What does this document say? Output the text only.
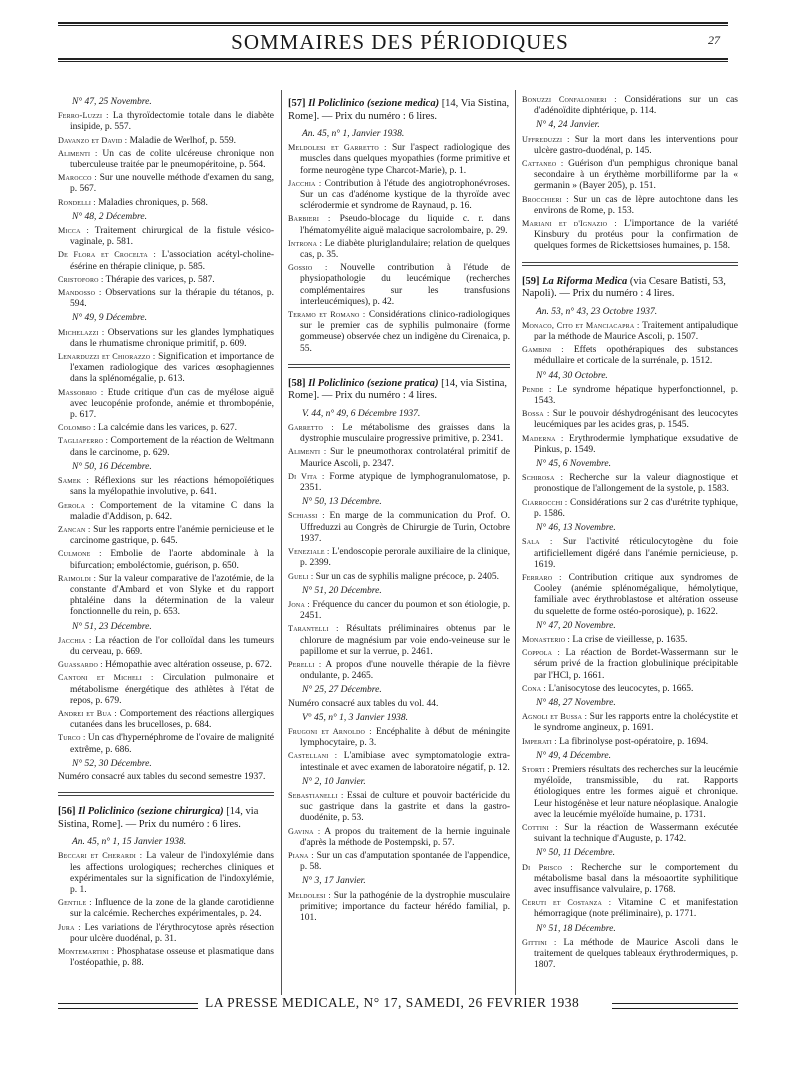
SOMMAIRES DES PÉRIODIQUES	27

N° 47, 25 Novembre.

Ferro-Luzzi : La thyroïdectomie totale dans le diabète insipide, p. 557.

Davanzo et David : Maladie de Werlhof, p. 559.

Alimenti : Un cas de colite ulcéreuse chronique non tuberculeuse traitée par le pneumopéritoine, p. 564.

Marocco : Sur une nouvelle méthode d'examen du sang, p. 567.

Rondelli : Maladies chroniques, p. 568.

N° 48, 2 Décembre.

Micca : Traitement chirurgical de la fistule vésico-vaginale, p. 581.

De Flora et Crocelta : L'association acétyl-choline-ésérine en thérapie clinique, p. 585.

Cristoforo : Thérapie des varices, p. 587.

Mandosso : Observations sur la thérapie du tétanos, p. 594.

N° 49, 9 Décembre.

Michelazzi : Observations sur les glandes lymphatiques dans le rhumatisme chronique primitif, p. 609.

Lenarduzzi et Chiorazzo : Signification et importance de l'examen radiologique des varices œsophagiennes dans la splénomégalie, p. 613.

Massobrio : Etude critique d'un cas de myélose aiguë avec leucopénie profonde, anémie et thrombopénie, p. 617.

Colombo : La calcémie dans les varices, p. 627.

Tagliaferro : Comportement de la réaction de Weltmann dans le carcinome, p. 629.

N° 50, 16 Décembre.

Samek : Réflexions sur les réactions hémopoïétiques sans la myélopathie involutive, p. 641.

Gerola : Comportement de la vitamine C dans la maladie d'Addison, p. 642.

Zancan : Sur les rapports entre l'anémie pernicieuse et le carcinome gastrique, p. 645.

Culmone : Embolie de l'aorte abdominale à la bifurcation; emboléctomie, guérison, p. 650.

Raimoldi : Sur la valeur comparative de l'azotémie, de la constante d'Ambard et von Slyke et du rapport phtaléine dans la détermination de la valeur fonctionnelle du rein, p. 653.

N° 51, 23 Décembre.

Jacchia : La réaction de l'or colloïdal dans les tumeurs du cerveau, p. 669.

Guassardo : Hémopathie avec altération osseuse, p. 672.

Cantoni et Micheli : Circulation pulmonaire et métabolisme énergétique des athlètes à l'état de repos, p. 679.

Andrei et Bua : Comportement des réactions allergiques cutanées dans les brucelloses, p. 684.

Turco : Un cas d'hypernéphrome de l'ovaire de malignité extrême, p. 686.

N° 52, 30 Décembre.

Numéro consacré aux tables du second semestre 1937.

[56] Il Policlinico (sezione chirurgica) [14, via Sistina, Rome]. — Prix du numéro : 6 lires.

An. 45, n° 1, 15 Janvier 1938.

Beccari et Cherardi : La valeur de l'indoxylémie dans les affections urologiques; recherches cliniques et expérimentales sur la signification de l'indoxylémie, p. 1.

Gentile : Influence de la zone de la glande carotidienne sur la calcémie. Recherches expérimentales, p. 24.

Jura : Les variations de l'érythrocytose après résection pour ulcère duodénal, p. 31.

Montemartini : Phosphatase osseuse et plasmatique dans l'ostéopathie, p. 88.

[57] Il Policlinico (sezione medica) [14, Via Sistina, Rome]. — Prix du numéro : 6 lires.

An. 45, n° 1, Janvier 1938.

Meldolesi et Garretto : Sur l'aspect radiologique des muscles dans quelques myopathies (forme primitive et forme neurogène type Charcot-Marie), p. 1.

Jacchia : Contribution à l'étude des angiotrophonévroses. Sur un cas d'adénome kystique de la thyroïde avec sclérodermie et syndrome de Raynaud, p. 16.

Barbieri : Pseudo-blocage du liquide c. r. dans l'hématomyélite aiguë malacique sacrolombaire, p. 29.

Introna : Le diabète pluriglandulaire; relation de quelques cas, p. 35.

Gossio : Nouvelle contribution à l'étude de physiopathologie du leucémique (recherches complémentaires sur les transfusions interleucémiques), p. 42.

Teramo et Romano : Considérations clinico-radiologiques sur le premier cas de syphilis pulmonaire (forme gommeuse) observée chez un indigène du Cirenaica, p. 55.

[58] Il Policlinico (sezione pratica) [14, via Sistina, Rome]. — Prix du numéro : 4 lires.

V. 44, n° 49, 6 Décembre 1937.

Garretto : Le métabolisme des graisses dans la dystrophie musculaire progressive primitive, p. 2341.

Alimenti : Sur le pneumothorax controlatéral primitif de Maurice Ascoli, p. 2347.

Di Vita : Forme atypique de lymphogranulomatose, p. 2351.

N° 50, 13 Décembre.

Schiassi : En marge de la communication du Prof. O. Uffreduzzi au Congrès de Chirurgie de Turin, Octobre 1937.

Veneziale : L'endoscopie perorale auxiliaire de la clinique, p. 2399.

Gueli : Sur un cas de syphilis maligne précoce, p. 2405.

N° 51, 20 Décembre.

Jona : Fréquence du cancer du poumon et son étiologie, p. 2451.

Tarantelli : Résultats préliminaires obtenus par le chlorure de magnésium par voie endo-veineuse sur le papillome et sur la verrue, p. 2461.

Perelli : A propos d'une nouvelle thérapie de la fièvre ondulante, p. 2465.

N° 25, 27 Décembre.

Numéro consacré aux tables du vol. 44.

V° 45, n° 1, 3 Janvier 1938.

Frugoni et Arnoldo : Encéphalite à début de méningite lymphocytaire, p. 3.

Castellani : L'amibiase avec symptomatologie extra-intestinale et avec examen de laboratoire négatif, p. 12.

N° 2, 10 Janvier.

Sebastianelli : Essai de culture et pouvoir bactéricide du suc gastrique dans la gastrite et dans la gastro-duodénite, p. 53.

Gavina : A propos du traitement de la hernie inguinale d'après la méthode de Postempski, p. 57.

Piana : Sur un cas d'amputation spontanée de l'appendice, p. 58.

N° 3, 17 Janvier.

Meldolesi : Sur la pathogénie de la dystrophie musculaire primitive; importance du facteur hérédo familial, p. 101.

Bonuzzi Confalonieri : Considérations sur un cas d'adénoïdite diphtérique, p. 114.

N° 4, 24 Janvier.

Uffreduzzi : Sur la mort dans les interventions pour ulcère gastro-duodénal, p. 145.

Cattaneo : Guérison d'un pemphigus chronique banal secondaire à un érythème morbilliforme par la « germanin » (Bayer 205), p. 151.

Brocchieri : Sur un cas de lèpre autochtone dans les environs de Rome, p. 153.

Mariani et d'Ignazio : L'importance de la variété Kinsbury du protéus pour la confirmation de quelques formes de Rickettsioses humaines, p. 158.

[59] La Riforma Medica (via Cesare Batisti, 53, Napoli). — Prix du numéro : 4 lires.

An. 53, n° 43, 23 Octobre 1937.

Monaco, Cito et Manciacapra : Traitement antipaludique par la méthode de Maurice Ascoli, p. 1507.

Gambini : Effets opothérapiques des substances médullaire et corticale de la surrénale, p. 1512.

N° 44, 30 Octobre.

Pende : Le syndrome hépatique hyperfonctionnel, p. 1543.

Bossa : Sur le pouvoir déshydrogénisant des leucocytes leucémiques par les acides gras, p. 1545.

Maderna : Erythrodermie lymphatique exsudative de Pinkus, p. 1549.

N° 45, 6 Novembre.

Schirosa : Recherche sur la valeur diagnostique et pronostique de l'allongement de la systole, p. 1583.

Ciarrocchi : Considérations sur 2 cas d'urétrite typhique, p. 1586.

N° 46, 13 Novembre.

Sala : Sur l'activité réticulocytogène du foie artificiellement digéré dans l'anémie pernicieuse, p. 1619.

Ferraro : Contribution critique aux syndromes de Cooley (anémie splénomégalique, hémolytique, familiale avec érythroblastose et altération osseuse du squelette de forme ostéo-porosique), p. 1622.

N° 47, 20 Novembre.

Monasterio : La crise de vieillesse, p. 1635.

Coppola : La réaction de Bordet-Wassermann sur le sérum privé de la fraction globulinique précipitable par l'HCl, p. 1661.

Cona : L'anisocytose des leucocytes, p. 1665.

N° 48, 27 Novembre.

Agnoli et Bussa : Sur les rapports entre la cholécystite et le syndrome angineux, p. 1691.

Imperati : La fibrinolyse post-opératoire, p. 1694.

N° 49, 4 Décembre.

Storti : Premiers résultats des recherches sur la leucémie myéloïde, transmissible, du rat. Rapports étiologiques entre les formes aiguë et chronique. Leur histogénèse et leur nature néoplasique. Analogie avec la leucémie myéloïde humaine, p. 1731.

Cottini : Sur la réaction de Wassermann exécutée suivant la technique d'Auguste, p. 1742.

N° 50, 11 Décembre.

Di Prisco : Recherche sur le comportement du métabolisme basal dans la mésoaortite syphilitique avec insuffisance valvulaire, p. 1768.

Ceruti et Costanza : Vitamine C et manifestation hémorragique (note préliminaire), p. 1771.

N° 51, 18 Décembre.

Gittini : La méthode de Maurice Ascoli dans le traitement de quelques tableaux érythrodermiques, p. 1807.

LA PRESSE MEDICALE, N° 17, SAMEDI, 26 FEVRIER 1938
